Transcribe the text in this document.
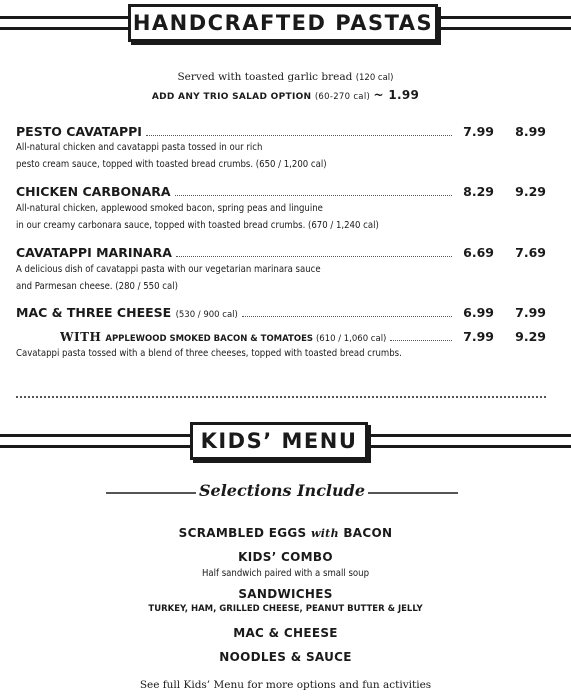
HANDCRAFTED PASTAS
Served with toasted garlic bread (120 cal)
ADD ANY TRIO SALAD OPTION (60-270 cal) ~ 1.99
PESTO CAVATAPPI	7.99	8.99
All-natural chicken and cavatappi pasta tossed in our rich
pesto cream sauce, topped with toasted bread crumbs. (650 / 1,200 cal)
CHICKEN CARBONARA	8.29	9.29
All-natural chicken, applewood smoked bacon, spring peas and linguine
in our creamy carbonara sauce, topped with toasted bread crumbs. (670 / 1,240 cal)
CAVATAPPI MARINARA	6.69	7.69
A delicious dish of cavatappi pasta with our vegetarian marinara sauce
and Parmesan cheese. (280 / 550 cal)
MAC & THREE CHEESE (530 / 900 cal)	6.99	7.99
WITH APPLEWOOD SMOKED BACON & TOMATOES (610 / 1,060 cal)	7.99	9.29
Cavatappi pasta tossed with a blend of three cheeses, topped with toasted bread crumbs.
KIDS’ MENU
Selections Include
SCRAMBLED EGGS with BACON
KIDS’ COMBO
Half sandwich paired with a small soup
SANDWICHES
TURKEY, HAM, GRILLED CHEESE, PEANUT BUTTER & JELLY
MAC & CHEESE
NOODLES & SAUCE
See full Kids’ Menu for more options and fun activities
